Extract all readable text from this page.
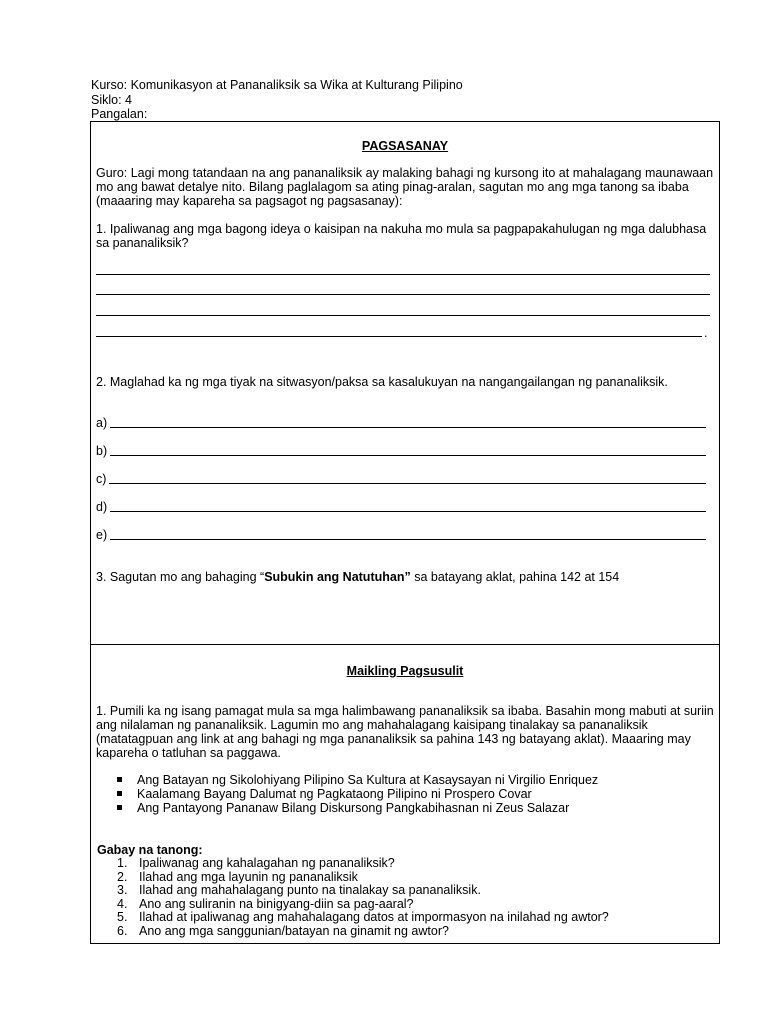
Kurso: Komunikasyon at Pananaliksik sa Wika at Kulturang Pilipino
Siklo: 4
Pangalan:
PAGSASANAY
Guro: Lagi mong tatandaan na ang pananaliksik ay malaking bahagi ng kursong ito at mahalagang maunawaan mo ang bawat detalye nito. Bilang paglalagom sa ating pinag-aralan, sagutan mo ang mga tanong sa ibaba (maaaring may kapareha sa pagsagot ng pagsasanay):
1. Ipaliwanag ang mga bagong ideya o kaisipan na nakuha mo mula sa pagpapakahulugan ng mga dalubhasa sa pananaliksik?
.
2. Maglahad ka ng mga tiyak na sitwasyon/paksa sa kasalukuyan na nangangailangan ng pananaliksik.
a)
b)
c)
d)
e)
3. Sagutan mo ang bahaging “Subukin ang Natutuhan” sa batayang aklat, pahina 142 at 154
Maikling Pagsusulit
1. Pumili ka ng isang pamagat mula sa mga halimbawang pananaliksik sa ibaba. Basahin mong mabuti at suriin ang nilalaman ng pananaliksik. Lagumin mo ang mahahalagang kaisipang tinalakay sa pananaliksik (matatagpuan ang link at ang bahagi ng mga pananaliksik sa pahina 143 ng batayang aklat). Maaaring may kapareha o tatluhan sa paggawa.
Ang Batayan ng Sikolohiyang Pilipino Sa Kultura at Kasaysayan ni Virgilio Enriquez
Kaalamang Bayang Dalumat ng Pagkataong Pilipino ni Prospero Covar
Ang Pantayong Pananaw Bilang Diskursong Pangkabihasnan ni Zeus Salazar
Gabay na tanong:
1. Ipaliwanag ang kahalagahan ng pananaliksik?
2. Ilahad ang mga layunin ng pananaliksik
3. Ilahad ang mahahalagang punto na tinalakay sa pananaliksik.
4. Ano ang suliranin na binigyang-diin sa pag-aaral?
5. Ilahad at ipaliwanag ang mahahalagang datos at impormasyon na inilahad ng awtor?
6. Ano ang mga sanggunian/batayan na ginamit ng awtor?
